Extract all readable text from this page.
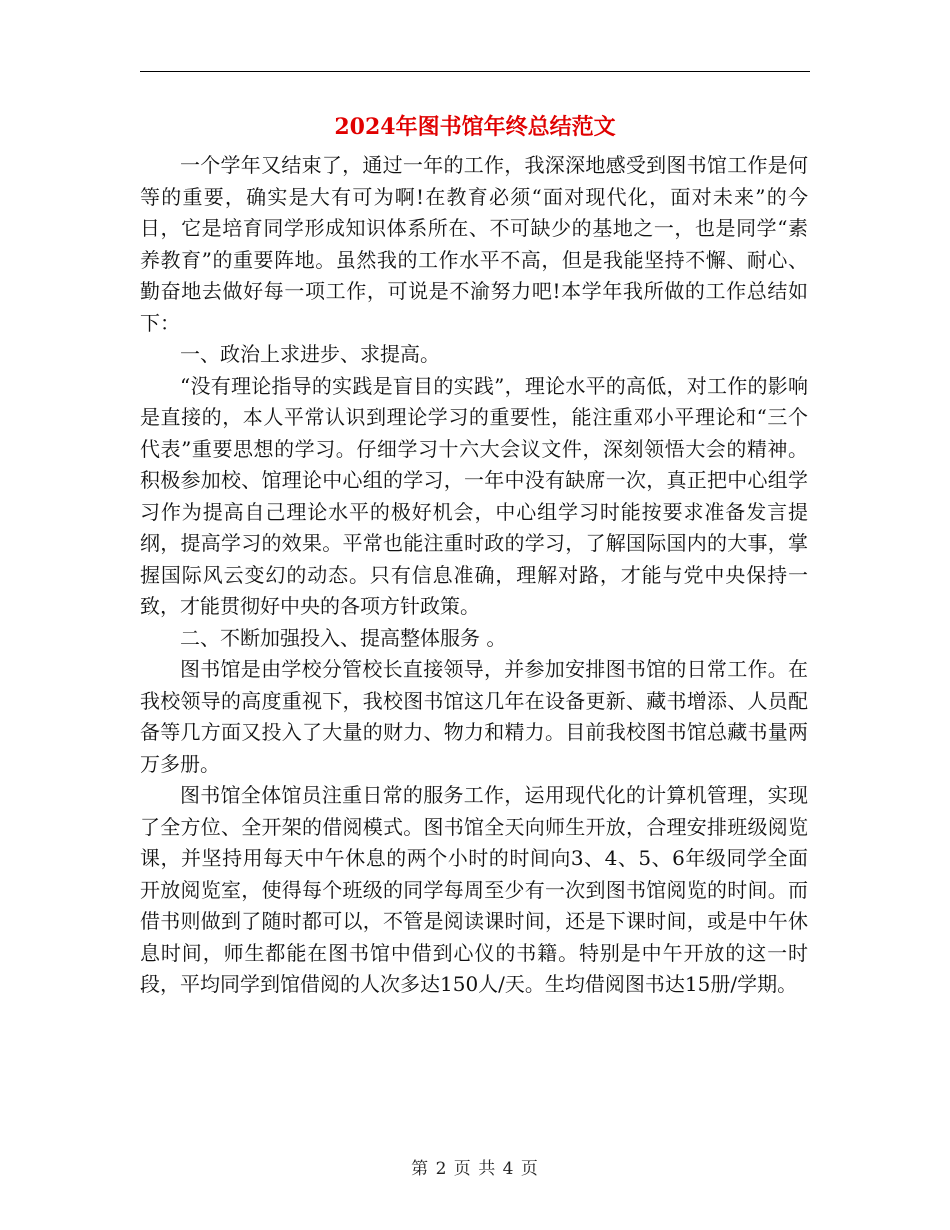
2024年图书馆年终总结范文

一个学年又结束了，通过一年的工作，我深深地感受到图书馆工作是何等的重要，确实是大有可为啊!在教育必须“面对现代化，面对未来”的今日，它是培育同学形成知识体系所在、不可缺少的基地之一，也是同学“素养教育”的重要阵地。虽然我的工作水平不高，但是我能坚持不懈、耐心、勤奋地去做好每一项工作，可说是不渝努力吧!本学年我所做的工作总结如下：

一、政治上求进步、求提高。

“没有理论指导的实践是盲目的实践”，理论水平的高低，对工作的影响是直接的，本人平常认识到理论学习的重要性，能注重邓小平理论和“三个代表”重要思想的学习。仔细学习十六大会议文件，深刻领悟大会的精神。积极参加校、馆理论中心组的学习，一年中没有缺席一次，真正把中心组学习作为提高自己理论水平的极好机会，中心组学习时能按要求准备发言提纲，提高学习的效果。平常也能注重时政的学习，了解国际国内的大事，掌握国际风云变幻的动态。只有信息准确，理解对路，才能与党中央保持一致，才能贯彻好中央的各项方针政策。

二、不断加强投入、提高整体服务 。

图书馆是由学校分管校长直接领导，并参加安排图书馆的日常工作。在我校领导的高度重视下，我校图书馆这几年在设备更新、藏书增添、人员配备等几方面又投入了大量的财力、物力和精力。目前我校图书馆总藏书量两万多册。

图书馆全体馆员注重日常的服务工作，运用现代化的计算机管理，实现了全方位、全开架的借阅模式。图书馆全天向师生开放，合理安排班级阅览课，并坚持用每天中午休息的两个小时的时间向3、4、5、6年级同学全面开放阅览室，使得每个班级的同学每周至少有一次到图书馆阅览的时间。而借书则做到了随时都可以，不管是阅读课时间，还是下课时间，或是中午休息时间，师生都能在图书馆中借到心仪的书籍。特别是中午开放的这一时段，平均同学到馆借阅的人次多达150人/天。生均借阅图书达15册/学期。

第 2 页 共 4 页
